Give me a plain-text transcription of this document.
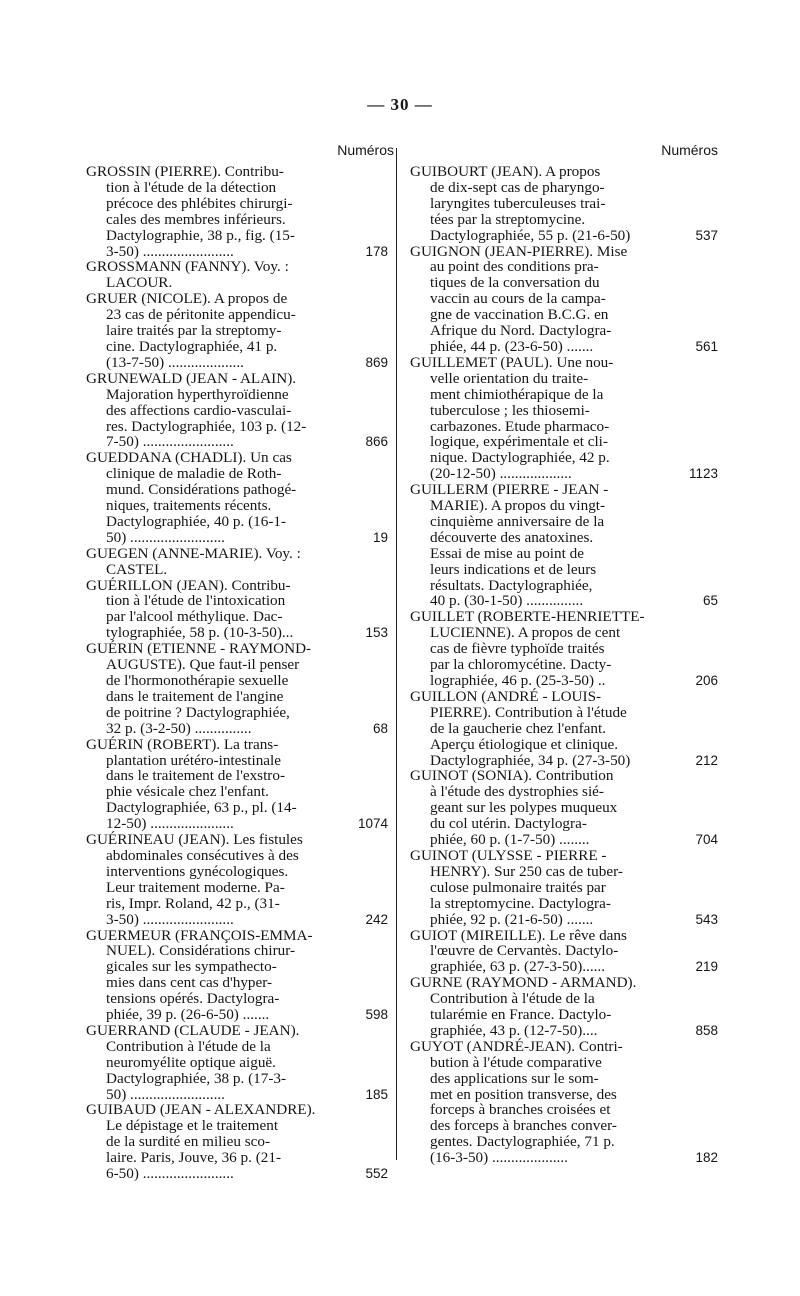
— 30 —
Numéros
GROSSIN (PIERRE). Contribu-
tion à l'étude de la détection
précoce des phlébites chirurgi-
cales des membres inférieurs.
Dactylographie, 38 p., fig. (15-
3-50) ........................	178
GROSSMANN (FANNY). Voy. :
LACOUR.
GRUER (NICOLE). A propos de
23 cas de péritonite appendicu-
laire traités par la streptomy-
cine. Dactylographiée, 41 p.
(13-7-50) ....................	869
GRUNEWALD (JEAN - ALAIN).
Majoration hyperthyroïdienne
des affections cardio-vasculai-
res. Dactylographiée, 103 p. (12-
7-50) ........................	866
GUEDDANA (CHADLI). Un cas
clinique de maladie de Roth-
mund. Considérations pathogé-
niques, traitements récents.
Dactylographiée, 40 p. (16-1-
50) .........................	19
GUEGEN (ANNE-MARIE). Voy. :
CASTEL.
GUÉRILLON (JEAN). Contribu-
tion à l'étude de l'intoxication
par l'alcool méthylique. Dac-
tylographiée, 58 p. (10-3-50)...	153
GUÉRIN (ETIENNE - RAYMOND-
AUGUSTE). Que faut-il penser
de l'hormonothérapie sexuelle
dans le traitement de l'angine
de poitrine ? Dactylographiée,
32 p. (3-2-50) ...............	68
GUÉRIN (ROBERT). La trans-
plantation urétéro-intestinale
dans le traitement de l'exstro-
phie vésicale chez l'enfant.
Dactylographiée, 63 p., pl. (14-
12-50) ......................	1074
GUÉRINEAU (JEAN). Les fistules
abdominales consécutives à des
interventions gynécologiques.
Leur traitement moderne. Pa-
ris, Impr. Roland, 42 p., (31-
3-50) ........................	242
GUERMEUR (FRANÇOIS-EMMA-
NUEL). Considérations chirur-
gicales sur les sympathecto-
mies dans cent cas d'hyper-
tensions opérés. Dactylogra-
phiée, 39 p. (26-6-50) .......	598
GUERRAND (CLAUDE - JEAN).
Contribution à l'étude de la
neuromyélite optique aiguë.
Dactylographiée, 38 p. (17-3-
50) .........................	185
GUIBAUD (JEAN - ALEXANDRE).
Le dépistage et le traitement
de la surdité en milieu sco-
laire. Paris, Jouve, 36 p. (21-
6-50) ........................	552
Numéros
GUIBOURT (JEAN). A propos
de dix-sept cas de pharyngo-
laryngites tuberculeuses trai-
tées par la streptomycine.
Dactylographiée, 55 p. (21-6-50)	537
GUIGNON (JEAN-PIERRE). Mise
au point des conditions pra-
tiques de la conversation du
vaccin au cours de la campa-
gne de vaccination B.C.G. en
Afrique du Nord. Dactylogra-
phiée, 44 p. (23-6-50) .......	561
GUILLEMET (PAUL). Une nou-
velle orientation du traite-
ment chimiothérapique de la
tuberculose ; les thiosemi-
carbazones. Etude pharmaco-
logique, expérimentale et cli-
nique. Dactylographiée, 42 p.
(20-12-50) ...................	1123
GUILLERM (PIERRE - JEAN -
MARIE). A propos du vingt-
cinquième anniversaire de la
découverte des anatoxines.
Essai de mise au point de
leurs indications et de leurs
résultats. Dactylographiée,
40 p. (30-1-50) ...............	65
GUILLET (ROBERTE-HENRIETTE-
LUCIENNE). A propos de cent
cas de fièvre typhoïde traités
par la chloromycétine. Dacty-
lographiée, 46 p. (25-3-50) ..	206
GUILLON (ANDRÉ - LOUIS-
PIERRE). Contribution à l'étude
de la gaucherie chez l'enfant.
Aperçu étiologique et clinique.
Dactylographiée, 34 p. (27-3-50)	212
GUINOT (SONIA). Contribution
à l'étude des dystrophies sié-
geant sur les polypes muqueux
du col utérin. Dactylogra-
phiée, 60 p. (1-7-50) ........	704
GUINOT (ULYSSE - PIERRE -
HENRY). Sur 250 cas de tuber-
culose pulmonaire traités par
la streptomycine. Dactylogra-
phiée, 92 p. (21-6-50) .......	543
GUIOT (MIREILLE). Le rêve dans
l'œuvre de Cervantès. Dactylo-
graphiée, 63 p. (27-3-50)......	219
GURNE (RAYMOND - ARMAND).
Contribution à l'étude de la
tularémie en France. Dactylo-
graphiée, 43 p. (12-7-50)....	858
GUYOT (ANDRÉ-JEAN). Contri-
bution à l'étude comparative
des applications sur le som-
met en position transverse, des
forceps à branches croisées et
des forceps à branches conver-
gentes. Dactylographiée, 71 p.
(16-3-50) ....................	182
